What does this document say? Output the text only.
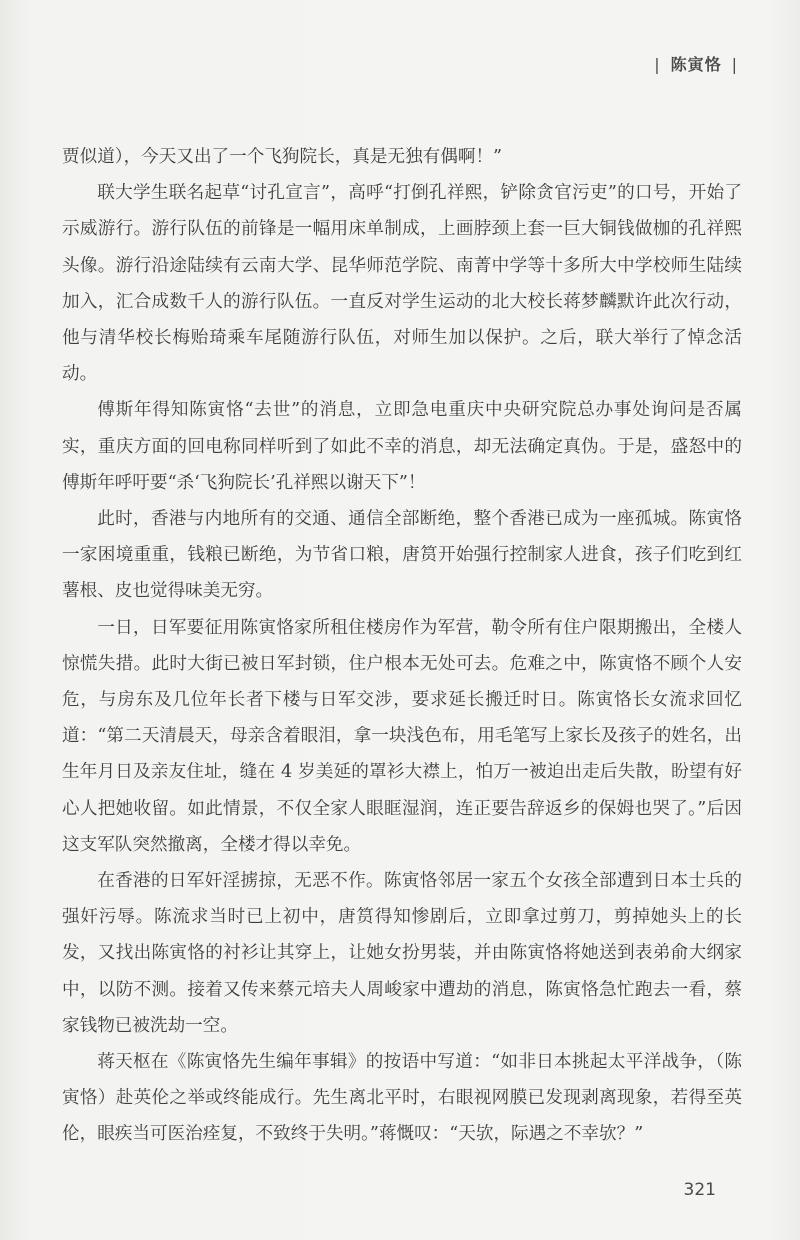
| 陈寅恪 |

贾似道），今天又出了一个飞狗院长，真是无独有偶啊！”

联大学生联名起草“讨孔宣言”，高呼“打倒孔祥熙，铲除贪官污吏”的口号，开始了示威游行。游行队伍的前锋是一幅用床单制成，上画脖颈上套一巨大铜钱做枷的孔祥熙头像。游行沿途陆续有云南大学、昆华师范学院、南菁中学等十多所大中学校师生陆续加入，汇合成数千人的游行队伍。一直反对学生运动的北大校长蒋梦麟默许此次行动，他与清华校长梅贻琦乘车尾随游行队伍，对师生加以保护。之后，联大举行了悼念活动。

傅斯年得知陈寅恪“去世”的消息，立即急电重庆中央研究院总办事处询问是否属实，重庆方面的回电称同样听到了如此不幸的消息，却无法确定真伪。于是，盛怒中的傅斯年呼吁要“杀‘飞狗院长’孔祥熙以谢天下”！

此时，香港与内地所有的交通、通信全部断绝，整个香港已成为一座孤城。陈寅恪一家困境重重，钱粮已断绝，为节省口粮，唐筼开始强行控制家人进食，孩子们吃到红薯根、皮也觉得味美无穷。

一日，日军要征用陈寅恪家所租住楼房作为军营，勒令所有住户限期搬出，全楼人惊慌失措。此时大街已被日军封锁，住户根本无处可去。危难之中，陈寅恪不顾个人安危，与房东及几位年长者下楼与日军交涉，要求延长搬迁时日。陈寅恪长女流求回忆道：“第二天清晨天，母亲含着眼泪，拿一块浅色布，用毛笔写上家长及孩子的姓名，出生年月日及亲友住址，缝在 4 岁美延的罩衫大襟上，怕万一被迫出走后失散，盼望有好心人把她收留。如此情景，不仅全家人眼眶湿润，连正要告辞返乡的保姆也哭了。”后因这支军队突然撤离，全楼才得以幸免。

在香港的日军奸淫掳掠，无恶不作。陈寅恪邻居一家五个女孩全部遭到日本士兵的强奸污辱。陈流求当时已上初中，唐筼得知惨剧后，立即拿过剪刀，剪掉她头上的长发，又找出陈寅恪的衬衫让其穿上，让她女扮男装，并由陈寅恪将她送到表弟俞大纲家中，以防不测。接着又传来蔡元培夫人周峻家中遭劫的消息，陈寅恪急忙跑去一看，蔡家钱物已被洗劫一空。

蒋天枢在《陈寅恪先生编年事辑》的按语中写道：“如非日本挑起太平洋战争，（陈寅恪）赴英伦之举或终能成行。先生离北平时，右眼视网膜已发现剥离现象，若得至英伦，眼疾当可医治痊复，不致终于失明。”蒋慨叹：“天欤，际遇之不幸欤？”

321
